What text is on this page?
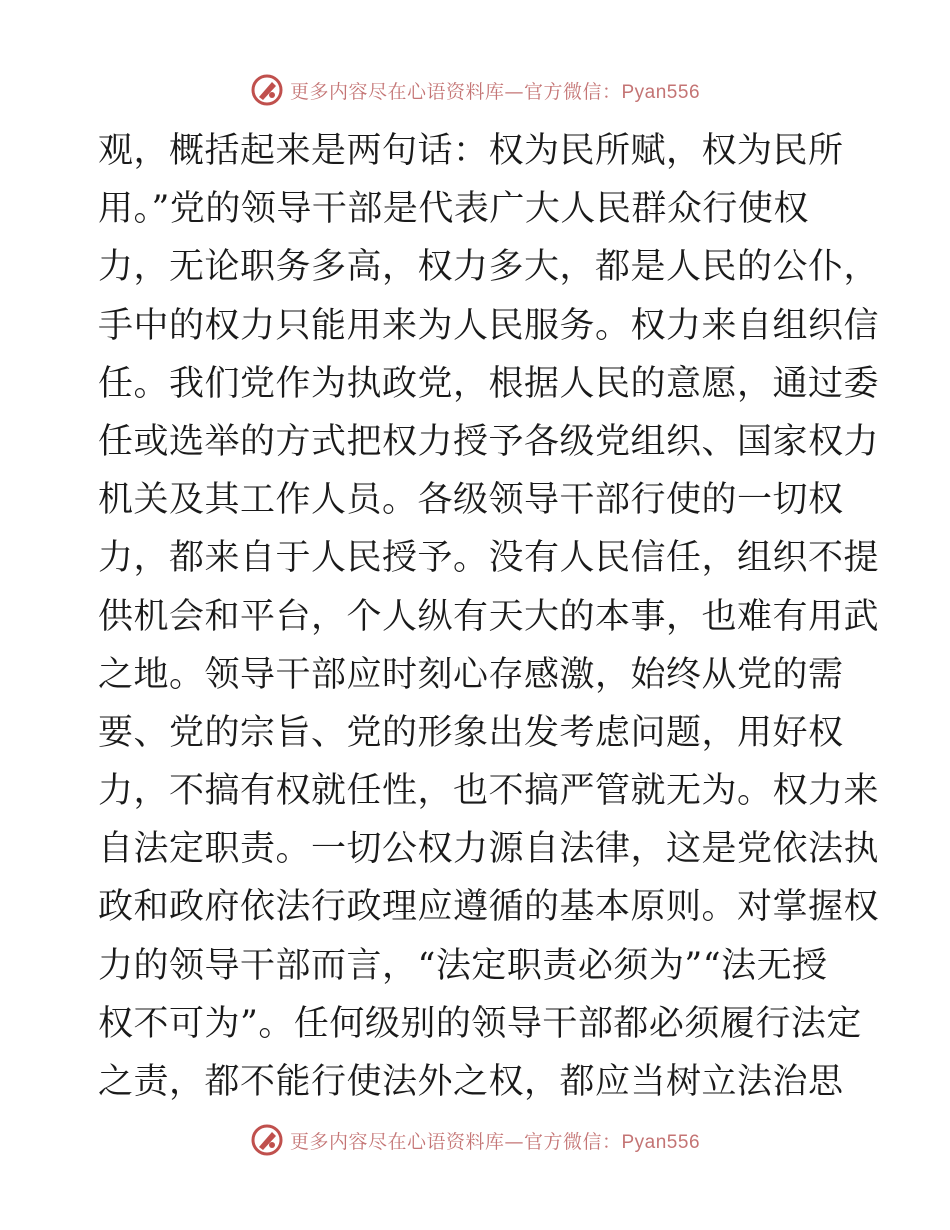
更多内容尽在心语资料库—官方微信：Pyan556
观，概括起来是两句话：权为民所赋，权为民所
用。”党的领导干部是代表广大人民群众行使权
力，无论职务多高，权力多大，都是人民的公仆，
手中的权力只能用来为人民服务。权力来自组织信
任。我们党作为执政党，根据人民的意愿，通过委
任或选举的方式把权力授予各级党组织、国家权力
机关及其工作人员。各级领导干部行使的一切权
力，都来自于人民授予。没有人民信任，组织不提
供机会和平台，个人纵有天大的本事，也难有用武
之地。领导干部应时刻心存感激，始终从党的需
要、党的宗旨、党的形象出发考虑问题，用好权
力，不搞有权就任性，也不搞严管就无为。权力来
自法定职责。一切公权力源自法律，这是党依法执
政和政府依法行政理应遵循的基本原则。对掌握权
力的领导干部而言，“法定职责必须为”“法无授
权不可为”。任何级别的领导干部都必须履行法定
之责，都不能行使法外之权，都应当树立法治思
更多内容尽在心语资料库—官方微信：Pyan556
